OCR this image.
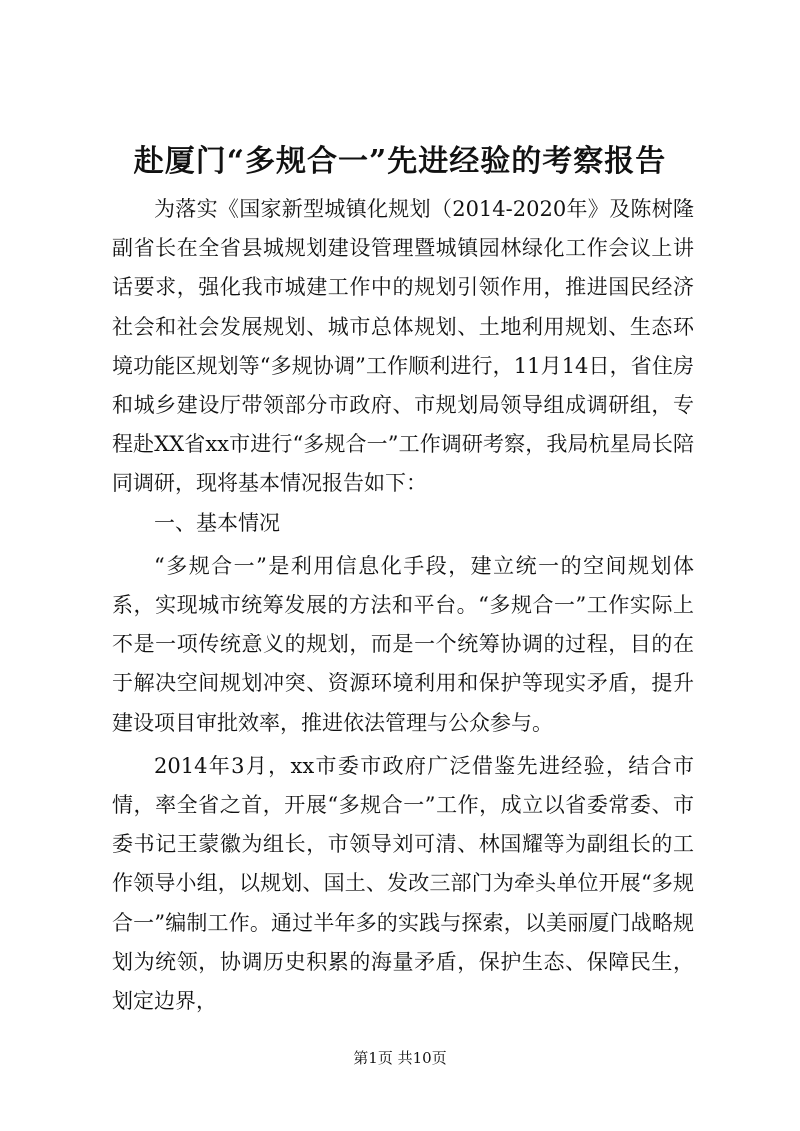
赴厦门“多规合一”先进经验的考察报告

为落实《国家新型城镇化规划（2014-2020年》及陈树隆副省长在全省县城规划建设管理暨城镇园林绿化工作会议上讲话要求，强化我市城建工作中的规划引领作用，推进国民经济社会和社会发展规划、城市总体规划、土地利用规划、生态环境功能区规划等“多规协调”工作顺利进行，11月14日，省住房和城乡建设厅带领部分市政府、市规划局领导组成调研组，专程赴XX省xx市进行“多规合一”工作调研考察，我局杭星局长陪同调研，现将基本情况报告如下：

一、基本情况

“多规合一”是利用信息化手段，建立统一的空间规划体系，实现城市统筹发展的方法和平台。“多规合一”工作实际上不是一项传统意义的规划，而是一个统筹协调的过程，目的在于解决空间规划冲突、资源环境利用和保护等现实矛盾，提升建设项目审批效率，推进依法管理与公众参与。

2014年3月，xx市委市政府广泛借鉴先进经验，结合市情，率全省之首，开展“多规合一”工作，成立以省委常委、市委书记王蒙徽为组长，市领导刘可清、林国耀等为副组长的工作领导小组，以规划、国土、发改三部门为牵头单位开展“多规合一”编制工作。通过半年多的实践与探索，以美丽厦门战略规划为统领，协调历史积累的海量矛盾，保护生态、保障民生，划定边界，

第1页 共10页
